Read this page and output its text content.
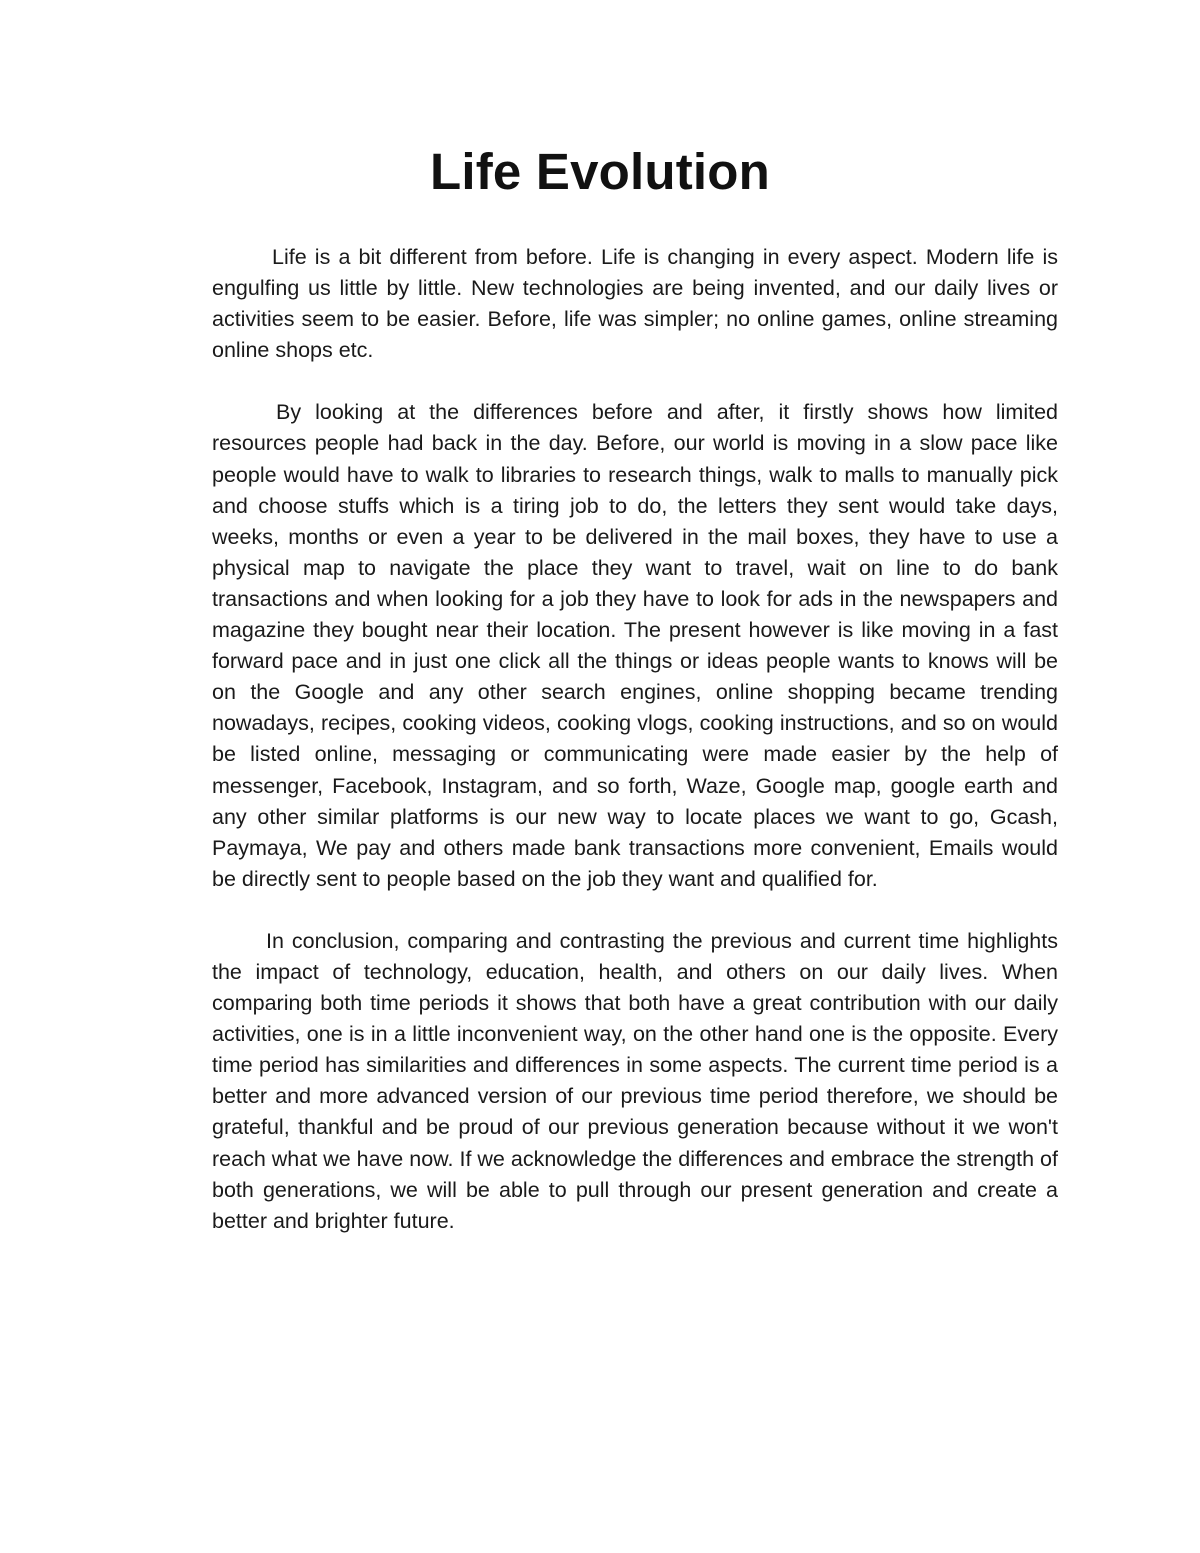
Life Evolution

Life is a bit different from before. Life is changing in every aspect. Modern life is engulfing us little by little. New technologies are being invented, and our daily lives or activities seem to be easier. Before, life was simpler; no online games, online streaming online shops etc.

By looking at the differences before and after, it firstly shows how limited resources people had back in the day. Before, our world is moving in a slow pace like people would have to walk to libraries to research things, walk to malls to manually pick and choose stuffs which is a tiring job to do, the letters they sent would take days, weeks, months or even a year to be delivered in the mail boxes, they have to use a physical map to navigate the place they want to travel, wait on line to do bank transactions and when looking for a job they have to look for ads in the newspapers and magazine they bought near their location. The present however is like moving in a fast forward pace and in just one click all the things or ideas people wants to knows will be on the Google and any other search engines, online shopping became trending nowadays, recipes, cooking videos, cooking vlogs, cooking instructions, and so on would be listed online, messaging or communicating were made easier by the help of messenger, Facebook, Instagram, and so forth, Waze, Google map, google earth and any other similar platforms is our new way to locate places we want to go, Gcash, Paymaya, We pay and others made bank transactions more convenient, Emails would be directly sent to people based on the job they want and qualified for.

In conclusion, comparing and contrasting the previous and current time highlights the impact of technology, education, health, and others on our daily lives. When comparing both time periods it shows that both have a great contribution with our daily activities, one is in a little inconvenient way, on the other hand one is the opposite. Every time period has similarities and differences in some aspects. The current time period is a better and more advanced version of our previous time period therefore, we should be grateful, thankful and be proud of our previous generation because without it we won't reach what we have now. If we acknowledge the differences and embrace the strength of both generations, we will be able to pull through our present generation and create a better and brighter future.
